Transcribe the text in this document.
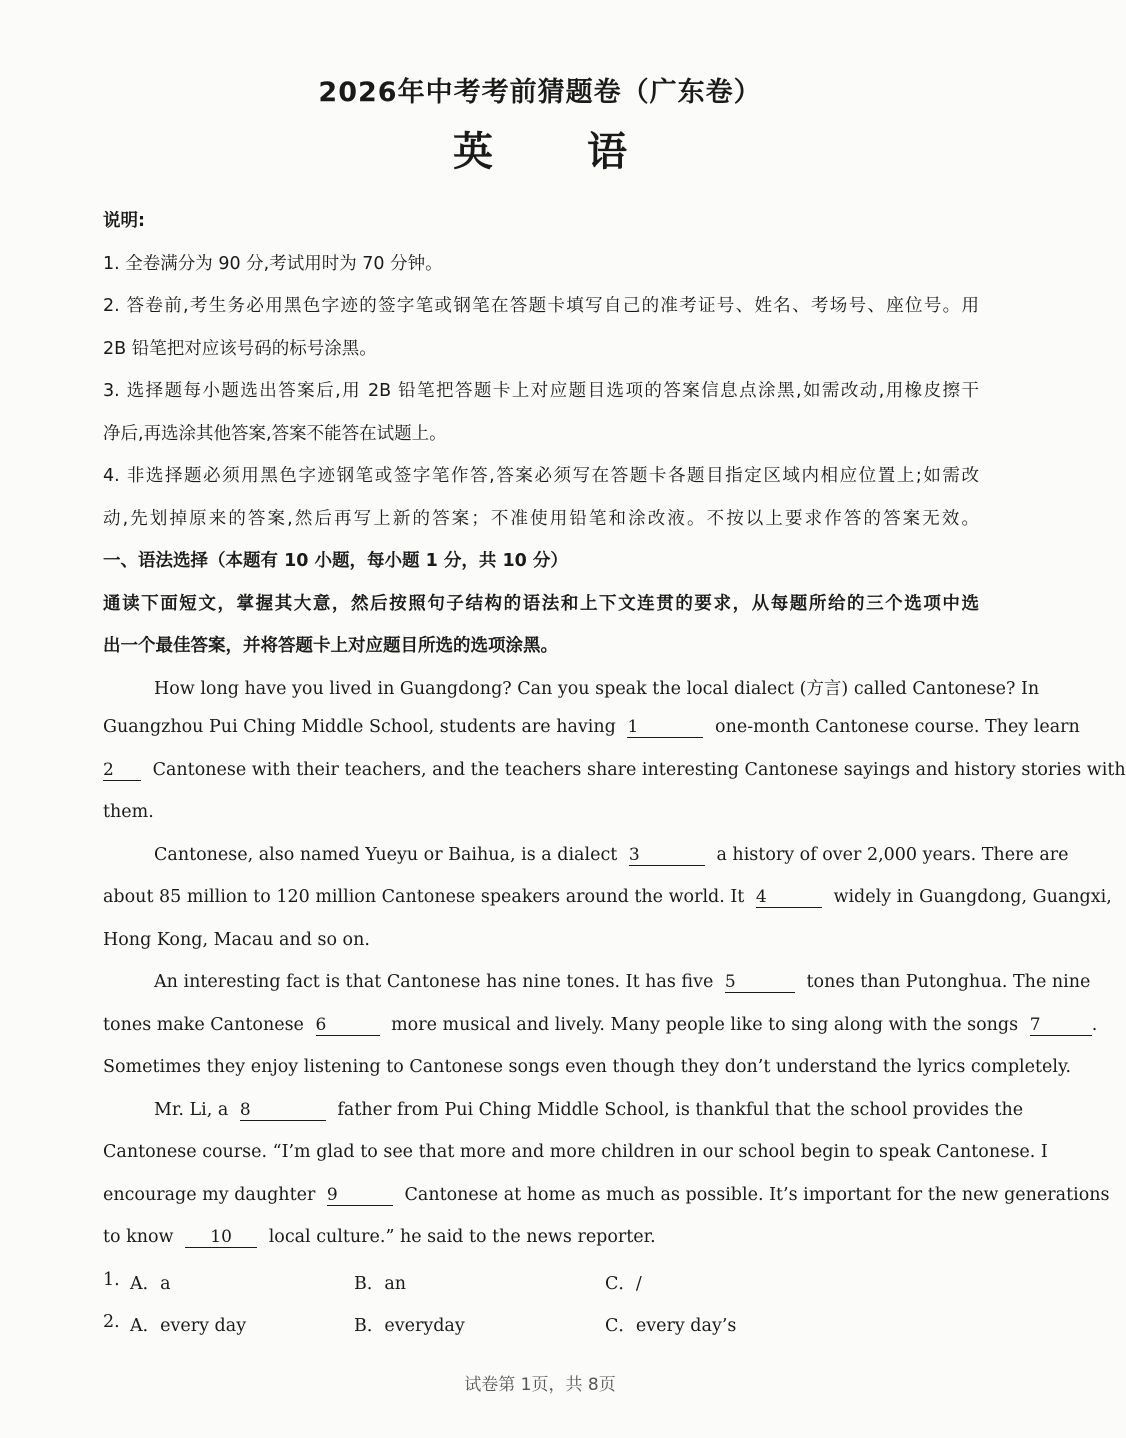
2026年中考考前猜题卷（广东卷）
英 语
说明:
1. 全卷满分为 90 分,考试用时为 70 分钟。
2. 答卷前,考生务必用黑色字迹的签字笔或钢笔在答题卡填写自己的准考证号、姓名、考场号、座位号。用
2B 铅笔把对应该号码的标号涂黑。
3. 选择题每小题选出答案后,用 2B 铅笔把答题卡上对应题目选项的答案信息点涂黑,如需改动,用橡皮擦干
净后,再选涂其他答案,答案不能答在试题上。
4. 非选择题必须用黑色字迹钢笔或签字笔作答,答案必须写在答题卡各题目指定区域内相应位置上;如需改
动,先划掉原来的答案,然后再写上新的答案；不准使用铅笔和涂改液。不按以上要求作答的答案无效。
一、语法选择（本题有 10 小题，每小题 1 分，共 10 分）
通读下面短文，掌握其大意，然后按照句子结构的语法和上下文连贯的要求，从每题所给的三个选项中选
出一个最佳答案，并将答题卡上对应题目所选的选项涂黑。
How long have you lived in Guangdong? Can you speak the local dialect (方言) called Cantonese? In
Guangzhou Pui Ching Middle School, students are having 1	one-month Cantonese course. They learn
2 Cantonese with their teachers, and the teachers share interesting Cantonese sayings and history stories with
them.
Cantonese, also named Yueyu or Baihua, is a dialect 3	a history of over 2,000 years. There are
about 85 million to 120 million Cantonese speakers around the world. It 4	widely in Guangdong, Guangxi,
Hong Kong, Macau and so on.
An interesting fact is that Cantonese has nine tones. It has five 5	tones than Putonghua. The nine
tones make Cantonese 6	more musical and lively. Many people like to sing along with the songs 7	.
Sometimes they enjoy listening to Cantonese songs even though they don’t understand the lyrics completely.
Mr. Li, a 8	father from Pui Ching Middle School, is thankful that the school provides the
Cantonese course. “I’m glad to see that more and more children in our school begin to speak Cantonese. I
encourage my daughter 9	Cantonese at home as much as possible. It’s important for the new generations
to know 10 local culture.” he said to the news reporter.
1. A．a	B．an	C．/
2. A．every day	B．everyday	C．every day’s
试卷第 1页，共 8页
